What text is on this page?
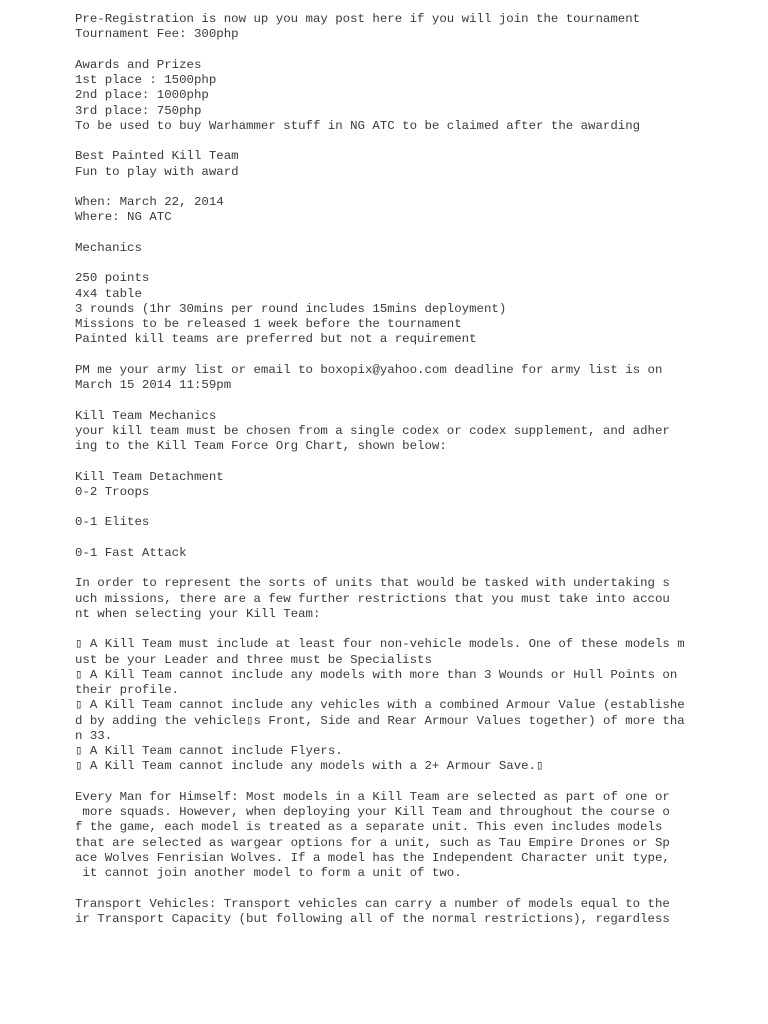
Pre-Registration is now up you may post here if you will join the tournament
Tournament Fee: 300php
Awards and Prizes
1st place : 1500php
2nd place: 1000php
3rd place: 750php
To be used to buy Warhammer stuff in NG ATC to be claimed after the awarding
Best Painted Kill Team
Fun to play with award
When: March 22, 2014
Where: NG ATC
Mechanics
250 points
4x4 table
3 rounds (1hr 30mins per round includes 15mins deployment)
Missions to be released 1 week before the tournament
Painted kill teams are preferred but not a requirement
PM me your army list or email to boxopix@yahoo.com deadline for army list is on
March 15 2014 11:59pm
Kill Team Mechanics
your kill team must be chosen from a single codex or codex supplement, and adher
ing to the Kill Team Force Org Chart, shown below:
Kill Team Detachment
0-2 Troops
0-1 Elites
0-1 Fast Attack
In order to represent the sorts of units that would be tasked with undertaking s
uch missions, there are a few further restrictions that you must take into accou
nt when selecting your Kill Team:
▯ A Kill Team must include at least four non-vehicle models. One of these models m
ust be your Leader and three must be Specialists
▯ A Kill Team cannot include any models with more than 3 Wounds or Hull Points on
their profile.
▯ A Kill Team cannot include any vehicles with a combined Armour Value (establishe
d by adding the vehicle▯s Front, Side and Rear Armour Values together) of more tha
n 33.
▯ A Kill Team cannot include Flyers.
▯ A Kill Team cannot include any models with a 2+ Armour Save.▯
Every Man for Himself: Most models in a Kill Team are selected as part of one or
more squads. However, when deploying your Kill Team and throughout the course o
f the game, each model is treated as a separate unit. This even includes models
that are selected as wargear options for a unit, such as Tau Empire Drones or Sp
ace Wolves Fenrisian Wolves. If a model has the Independent Character unit type,
it cannot join another model to form a unit of two.
Transport Vehicles: Transport vehicles can carry a number of models equal to the
ir Transport Capacity (but following all of the normal restrictions), regardless
